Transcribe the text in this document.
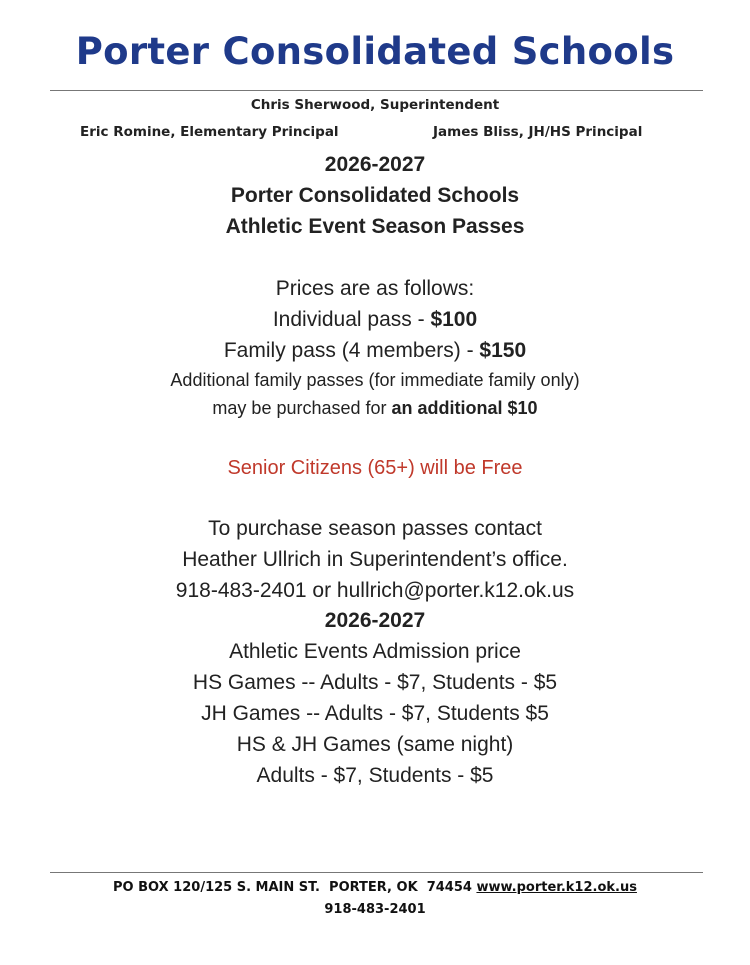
Porter Consolidated Schools
Chris Sherwood, Superintendent
Eric Romine, Elementary Principal	James Bliss, JH/HS Principal
2026-2027
Porter Consolidated Schools
Athletic Event Season Passes
Prices are as follows:
Individual pass - $100
Family pass (4 members) - $150
Additional family passes (for immediate family only)
may be purchased for an additional $10
Senior Citizens (65+) will be Free
To purchase season passes contact
Heather Ullrich in Superintendent’s office.
918-483-2401 or hullrich@porter.k12.ok.us
2026-2027
Athletic Events Admission price
HS Games -- Adults - $7, Students - $5
JH Games -- Adults - $7, Students $5
HS & JH Games (same night)
Adults - $7, Students - $5
PO BOX 120/125 S. MAIN ST.  PORTER, OK  74454 www.porter.k12.ok.us
918-483-2401
